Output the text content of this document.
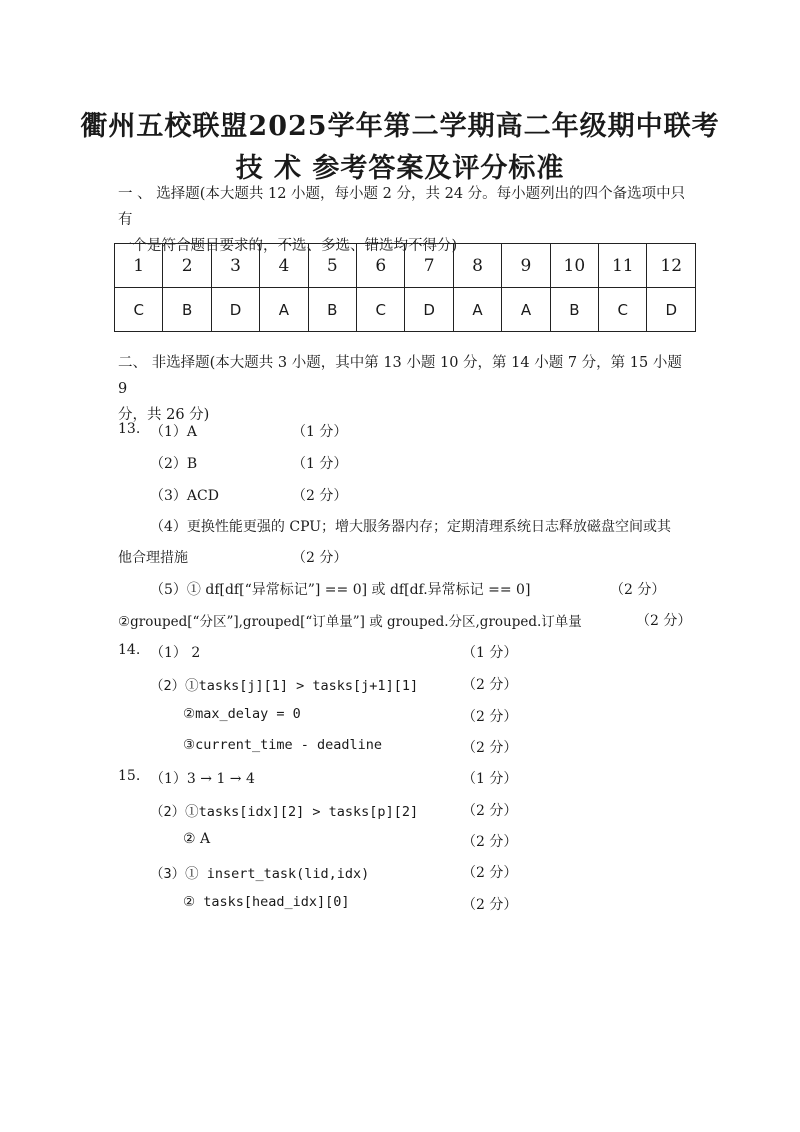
衢州五校联盟2025学年第二学期高二年级期中联考
技 术 参考答案及评分标准
一 、 选择题(本大题共 12 小题，每小题 2 分，共 24 分。每小题列出的四个备选项中只有
一个是符合题目要求的，不选、多选、错选均不得分)
1	2	3	4	5	6	7	8	9	10	11	12
C	B	D	A	B	C	D	A	A	B	C	D
二、 非选择题(本大题共 3 小题，其中第 13 小题 10 分，第 14 小题 7 分，第 15 小题 9
分，共 26 分)
13. （1）A	（1 分）
（2）B	（1 分）
（3）ACD	（2 分）
（4）更换性能更强的 CPU；增大服务器内存；定期清理系统日志释放磁盘空间或其
他合理措施	（2 分）
（5）① df[df[“异常标记”] == 0] 或 df[df.异常标记 == 0]	（2 分）
②grouped[“分区”],grouped[“订单量”] 或 grouped.分区,grouped.订单量	（2 分）
14. （1） 2	（1 分）
（2）①tasks[j][1] > tasks[j+1][1]	（2 分）
②max_delay = 0	（2 分）
③current_time - deadline	（2 分）
15. （1）3 → 1 → 4	（1 分）
（2）①tasks[idx][2] > tasks[p][2]	（2 分）
② A	（2 分）
（3）① insert_task(lid,idx)	（2 分）
② tasks[head_idx][0]	（2 分）
